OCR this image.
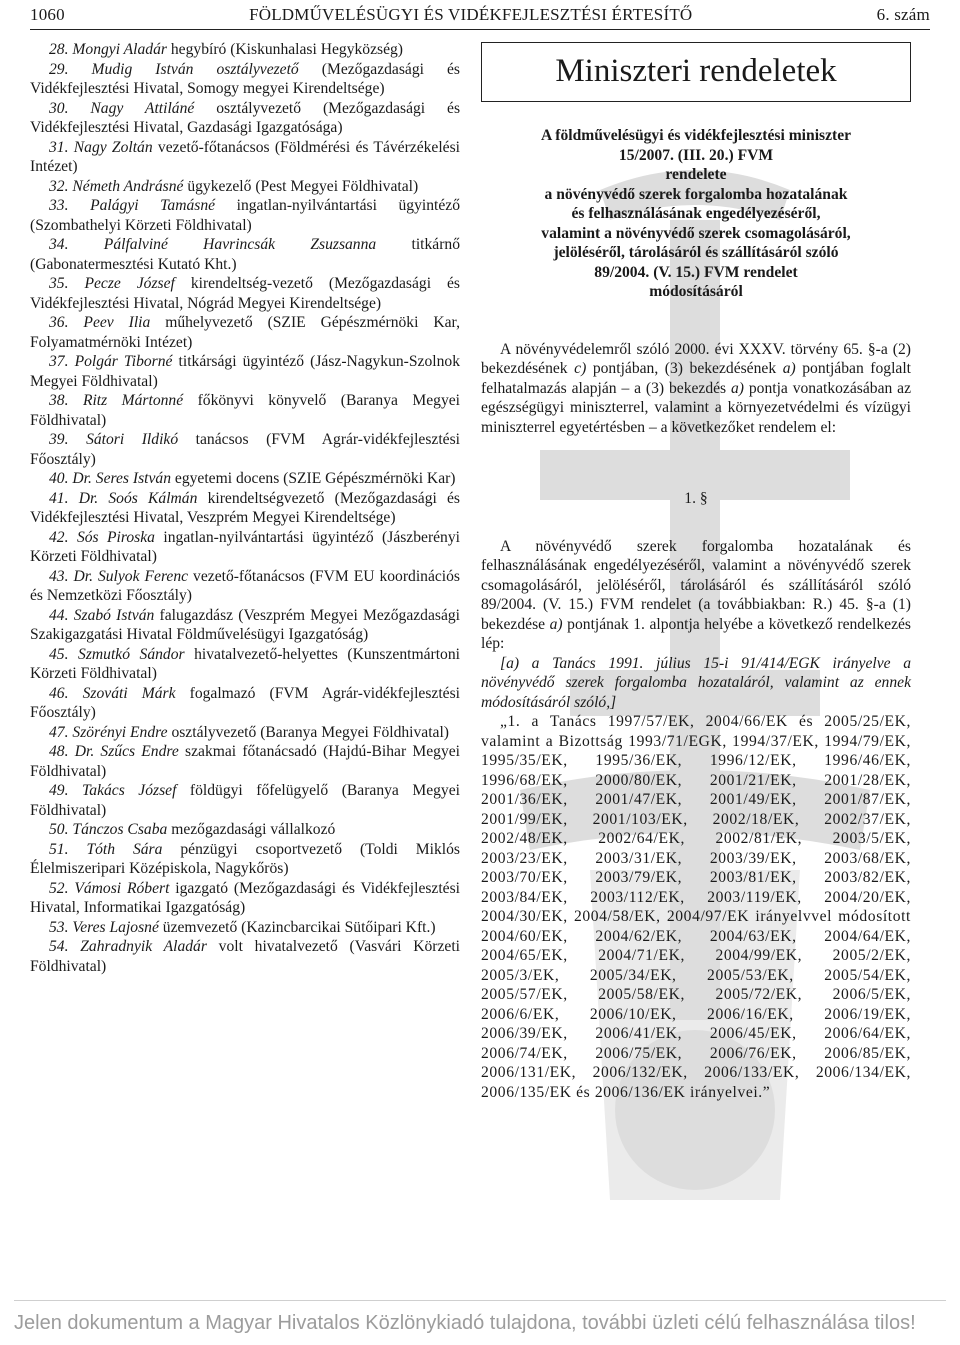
1060	FÖLDMŰVELÉSÜGYI ÉS VIDÉKFEJLESZTÉSI ÉRTESÍTŐ	6. szám

28. Mongyi Aladár hegybíró (Kiskunhalasi Hegyközség)

29. Mudig István osztályvezető (Mezőgazdasági és Vidékfejlesztési Hivatal, Somogy megyei Kirendeltsége)

30. Nagy Attiláné osztályvezető (Mezőgazdasági és Vidékfejlesztési Hivatal, Gazdasági Igazgatósága)

31. Nagy Zoltán vezető-főtanácsos (Földmérési és Távérzékelési Intézet)

32. Németh Andrásné ügykezelő (Pest Megyei Földhivatal)

33. Palágyi Tamásné ingatlan-nyilvántartási ügyintéző (Szombathelyi Körzeti Földhivatal)

34. Pálfalviné Havrincsák Zsuzsanna titkárnő (Gabonatermesztési Kutató Kht.)

35. Pecze József kirendeltség-vezető (Mezőgazdasági és Vidékfejlesztési Hivatal, Nógrád Megyei Kirendeltsége)

36. Peev Ilia műhelyvezető (SZIE Gépészmérnöki Kar, Folyamatmérnöki Intézet)

37. Polgár Tiborné titkársági ügyintéző (Jász-Nagykun-Szolnok Megyei Földhivatal)

38. Ritz Mártonné főkönyvi könyvelő (Baranya Megyei Földhivatal)

39. Sátori Ildikó tanácsos (FVM Agrár-vidékfejlesztési Főosztály)

40. Dr. Seres István egyetemi docens (SZIE Gépészmérnöki Kar)

41. Dr. Soós Kálmán kirendeltségvezető (Mezőgazdasági és Vidékfejlesztési Hivatal, Veszprém Megyei Kirendeltsége)

42. Sós Piroska ingatlan-nyilvántartási ügyintéző (Jászberényi Körzeti Földhivatal)

43. Dr. Sulyok Ferenc vezető-főtanácsos (FVM EU koordinációs és Nemzetközi Főosztály)

44. Szabó István falugazdász (Veszprém Megyei Mezőgazdasági Szakigazgatási Hivatal Földművelésügyi Igazgatóság)

45. Szmutkó Sándor hivatalvezető-helyettes (Kunszentmártoni Körzeti Földhivatal)

46. Szováti Márk fogalmazó (FVM Agrár-vidékfejlesztési Főosztály)

47. Szörényi Endre osztályvezető (Baranya Megyei Földhivatal)

48. Dr. Szűcs Endre szakmai főtanácsadó (Hajdú-Bihar Megyei Földhivatal)

49. Takács József földügyi főfelügyelő (Baranya Megyei Földhivatal)

50. Tánczos Csaba mezőgazdasági vállalkozó

51. Tóth Sára pénzügyi csoportvezető (Toldi Miklós Élelmiszeripari Középiskola, Nagykőrös)

52. Vámosi Róbert igazgató (Mezőgazdasági és Vidékfejlesztési Hivatal, Informatikai Igazgatóság)

53. Veres Lajosné üzemvezető (Kazincbarcikai Sütőipari Kft.)

54. Zahradnyik Aladár volt hivatalvezető (Vasvári Körzeti Földhivatal)

Miniszteri rendeletek
A földművelésügyi és vidékfejlesztési miniszter
15/2007. (III. 20.) FVM
rendelete
a növényvédő szerek forgalomba hozatalának
és felhasználásának engedélyezéséről,
valamint a növényvédő szerek csomagolásáról,
jelöléséről, tárolásáról és szállításáról szóló
89/2004. (V. 15.) FVM rendelet
módosításáról

A növényvédelemről szóló 2000. évi XXXV. törvény 65. §-a (2) bekezdésének c) pontjában, (3) bekezdésének a) pontjában foglalt felhatalmazás alapján – a (3) bekezdés a) pontja vonatkozásában az egészségügyi miniszterrel, valamint a környezetvédelmi és vízügyi miniszterrel egyetértésben – a következőket rendelem el:

1. §

A növényvédő szerek forgalomba hozatalának és felhasználásának engedélyezéséről, valamint a növényvédő szerek csomagolásáról, jelöléséről, tárolásáról és szállításáról szóló 89/2004. (V. 15.) FVM rendelet (a továbbiakban: R.) 45. §-a (1) bekezdése a) pontjának 1. alpontja helyébe a következő rendelkezés lép:

[a) a Tanács 1991. július 15-i 91/414/EGK irányelve a növényvédő szerek forgalomba hozataláról, valamint az ennek módosításáról szóló,]

„1. a Tanács 1997/57/EK, 2004/66/EK és 2005/25/EK, valamint a Bizottság 1993/71/EGK, 1994/37/EK, 1994/79/EK, 1995/35/EK, 1995/36/EK, 1996/12/EK, 1996/46/EK, 1996/68/EK, 2000/80/EK, 2001/21/EK, 2001/28/EK, 2001/36/EK, 2001/47/EK, 2001/49/EK, 2001/87/EK, 2001/99/EK, 2001/103/EK, 2002/18/EK, 2002/37/EK, 2002/48/EK, 2002/64/EK, 2002/81/EK, 2003/5/EK, 2003/23/EK, 2003/31/EK, 2003/39/EK, 2003/68/EK, 2003/70/EK, 2003/79/EK, 2003/81/EK, 2003/82/EK, 2003/84/EK, 2003/112/EK, 2003/119/EK, 2004/20/EK, 2004/30/EK, 2004/58/EK, 2004/97/EK irányelvvel módosított 2004/60/EK, 2004/62/EK, 2004/63/EK, 2004/64/EK, 2004/65/EK, 2004/71/EK, 2004/99/EK, 2005/2/EK, 2005/3/EK, 2005/34/EK, 2005/53/EK, 2005/54/EK, 2005/57/EK, 2005/58/EK, 2005/72/EK, 2006/5/EK, 2006/6/EK, 2006/10/EK, 2006/16/EK, 2006/19/EK, 2006/39/EK, 2006/41/EK, 2006/45/EK, 2006/64/EK, 2006/74/EK, 2006/75/EK, 2006/76/EK, 2006/85/EK, 2006/131/EK, 2006/132/EK, 2006/133/EK, 2006/134/EK, 2006/135/EK és 2006/136/EK irányelvei.”

Jelen dokumentum a Magyar Hivatalos Közlönykiadó tulajdona, további üzleti célú felhasználása tilos!
